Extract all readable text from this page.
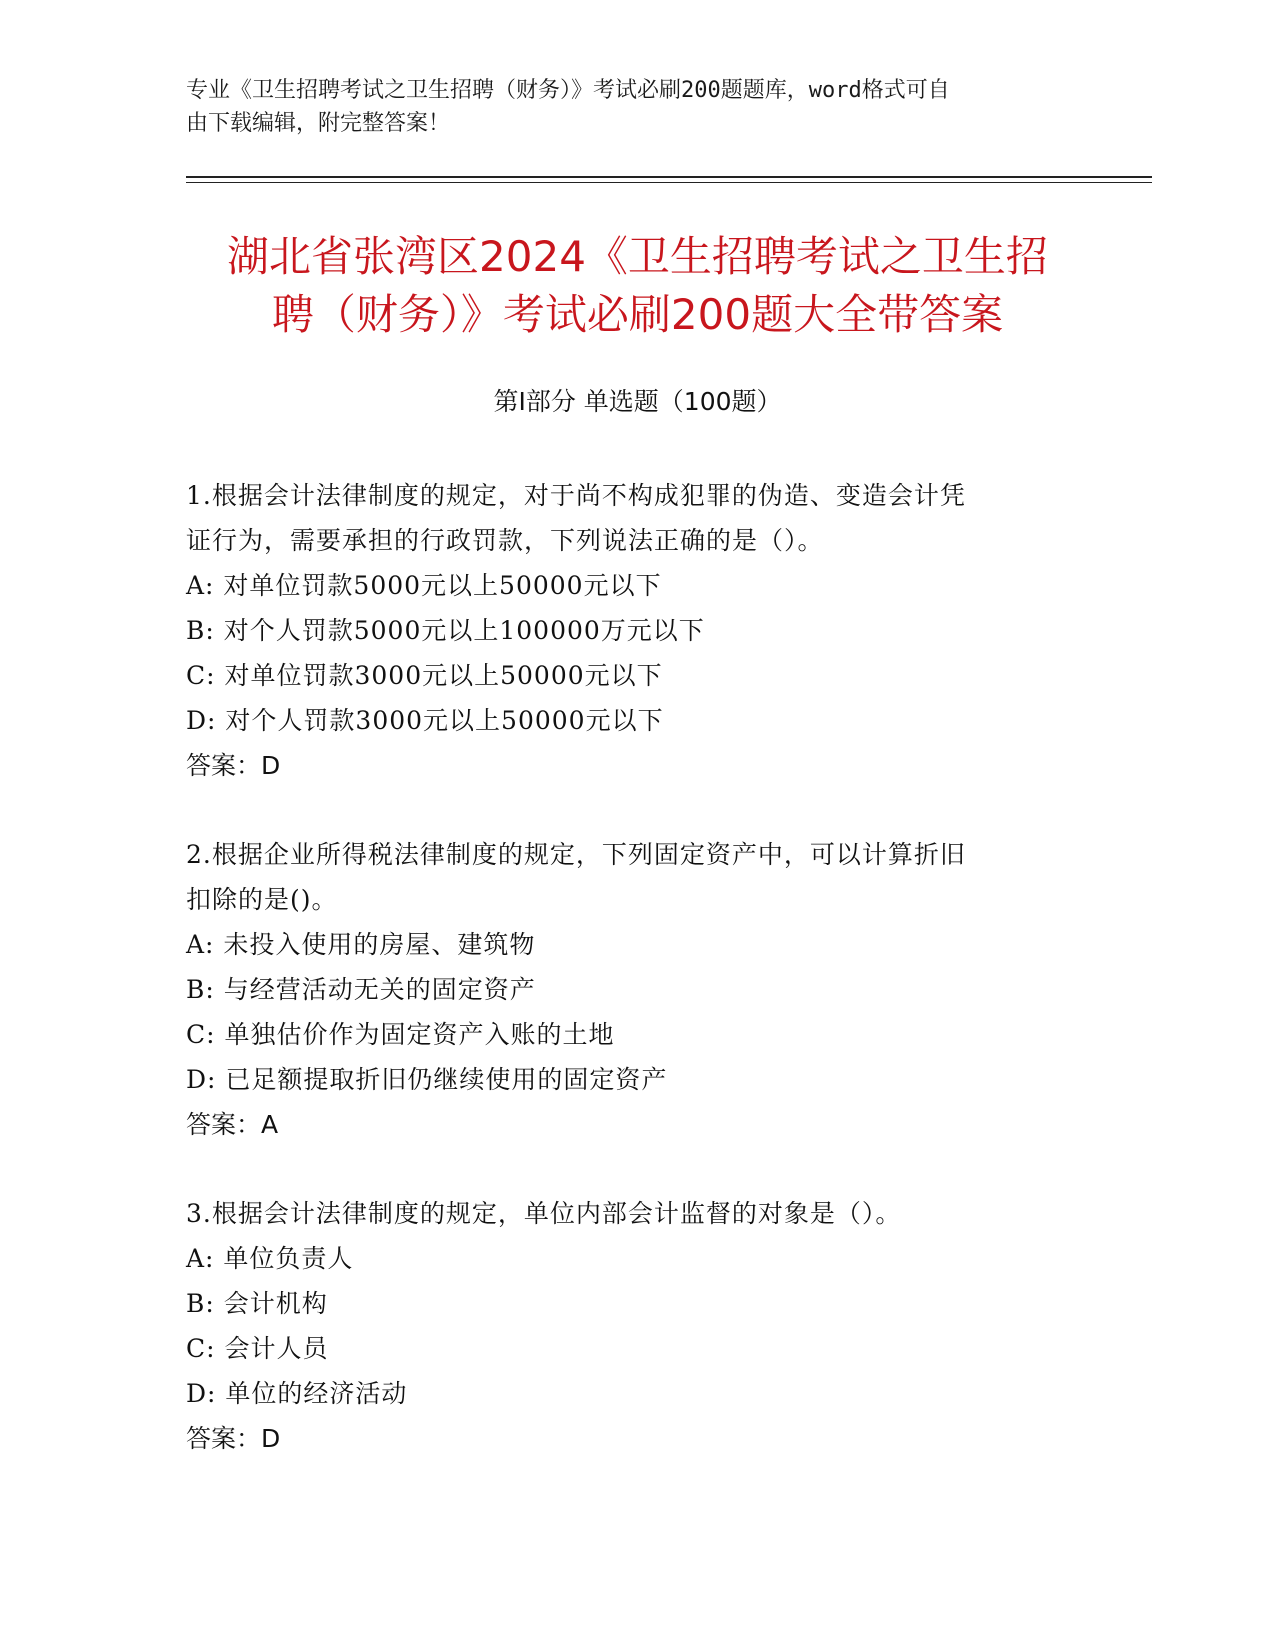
专业《卫生招聘考试之卫生招聘（财务）》考试必刷200题题库，word格式可自
由下载编辑，附完整答案！
湖北省张湾区2024《卫生招聘考试之卫生招
聘（财务）》考试必刷200题大全带答案
第I部分 单选题（100题）
1.根据会计法律制度的规定，对于尚不构成犯罪的伪造、变造会计凭
证行为，需要承担的行政罚款，下列说法正确的是（）。
A: 对单位罚款5000元以上50000元以下
B: 对个人罚款5000元以上100000万元以下
C: 对单位罚款3000元以上50000元以下
D: 对个人罚款3000元以上50000元以下
答案：D
2.根据企业所得税法律制度的规定，下列固定资产中，可以计算折旧
扣除的是()。
A: 未投入使用的房屋、建筑物
B: 与经营活动无关的固定资产
C: 单独估价作为固定资产入账的土地
D: 已足额提取折旧仍继续使用的固定资产
答案：A
3.根据会计法律制度的规定，单位内部会计监督的对象是（）。
A: 单位负责人
B: 会计机构
C: 会计人员
D: 单位的经济活动
答案：D
